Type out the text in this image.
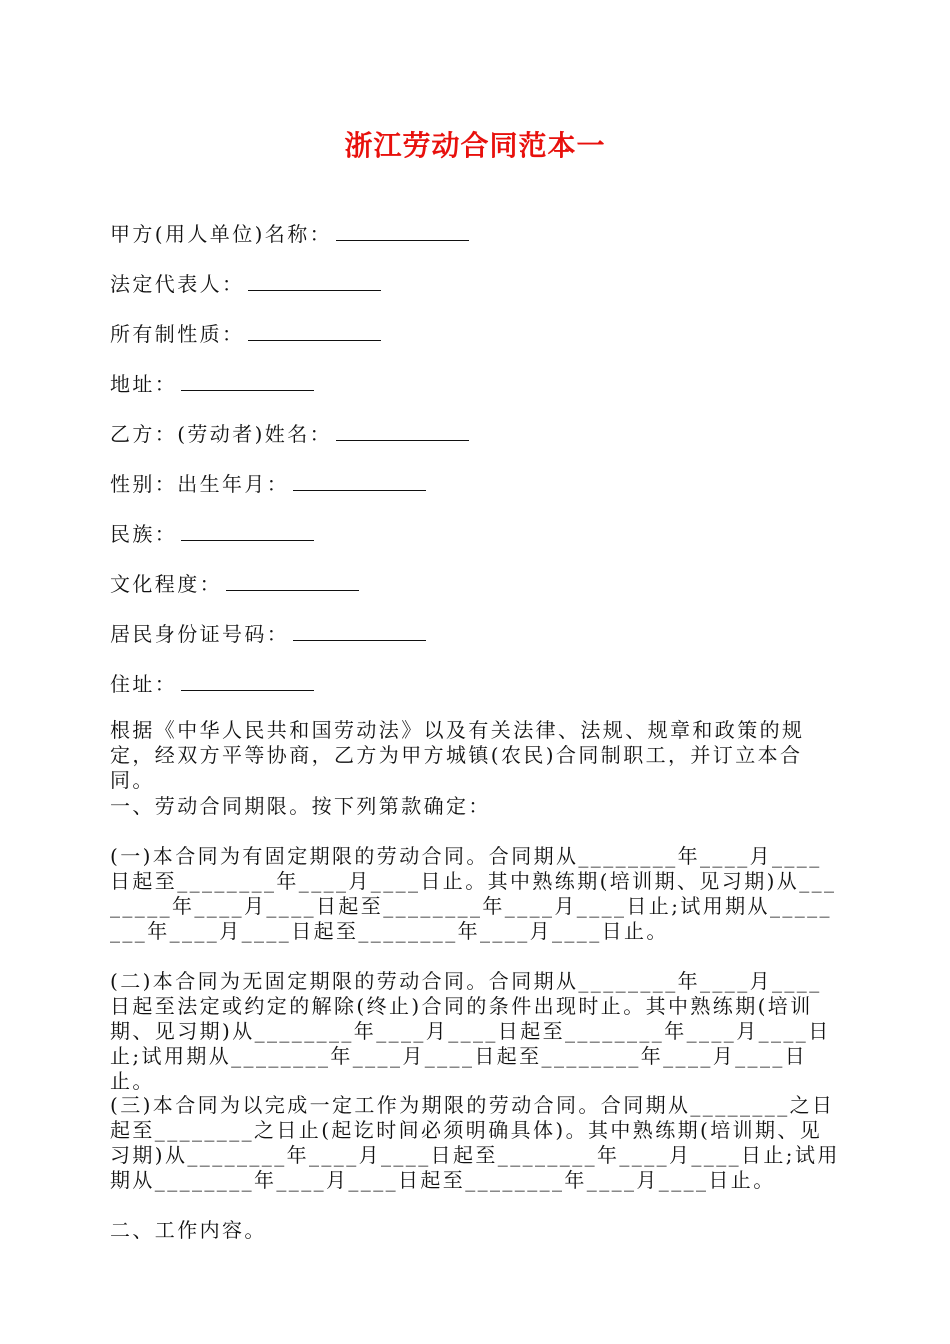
浙江劳动合同范本一
甲方(用人单位)名称：
法定代表人：
所有制性质：
地址：
乙方：(劳动者)姓名：
性别：出生年月：
民族：
文化程度：
居民身份证号码：
住址：

根据《中华人民共和国劳动法》以及有关法律、法规、规章和政策的规定，经双方平等协商，乙方为甲方城镇(农民)合同制职工，并订立本合同。

一、劳动合同期限。按下列第款确定：

(一)本合同为有固定期限的劳动合同。合同期从________年____月____日起至________年____月____日止。其中熟练期(培训期、见习期)从________年____月____日起至________年____月____日止;试用期从________年____月____日起至________年____月____日止。

(二)本合同为无固定期限的劳动合同。合同期从________年____月____日起至法定或约定的解除(终止)合同的条件出现时止。其中熟练期(培训期、见习期)从________年____月____日起至________年____月____日止;试用期从________年____月____日起至________年____月____日止。

(三)本合同为以完成一定工作为期限的劳动合同。合同期从________之日起至________之日止(起讫时间必须明确具体)。其中熟练期(培训期、见习期)从________年____月____日起至________年____月____日止;试用期从________年____月____日起至________年____月____日止。

二、工作内容。
